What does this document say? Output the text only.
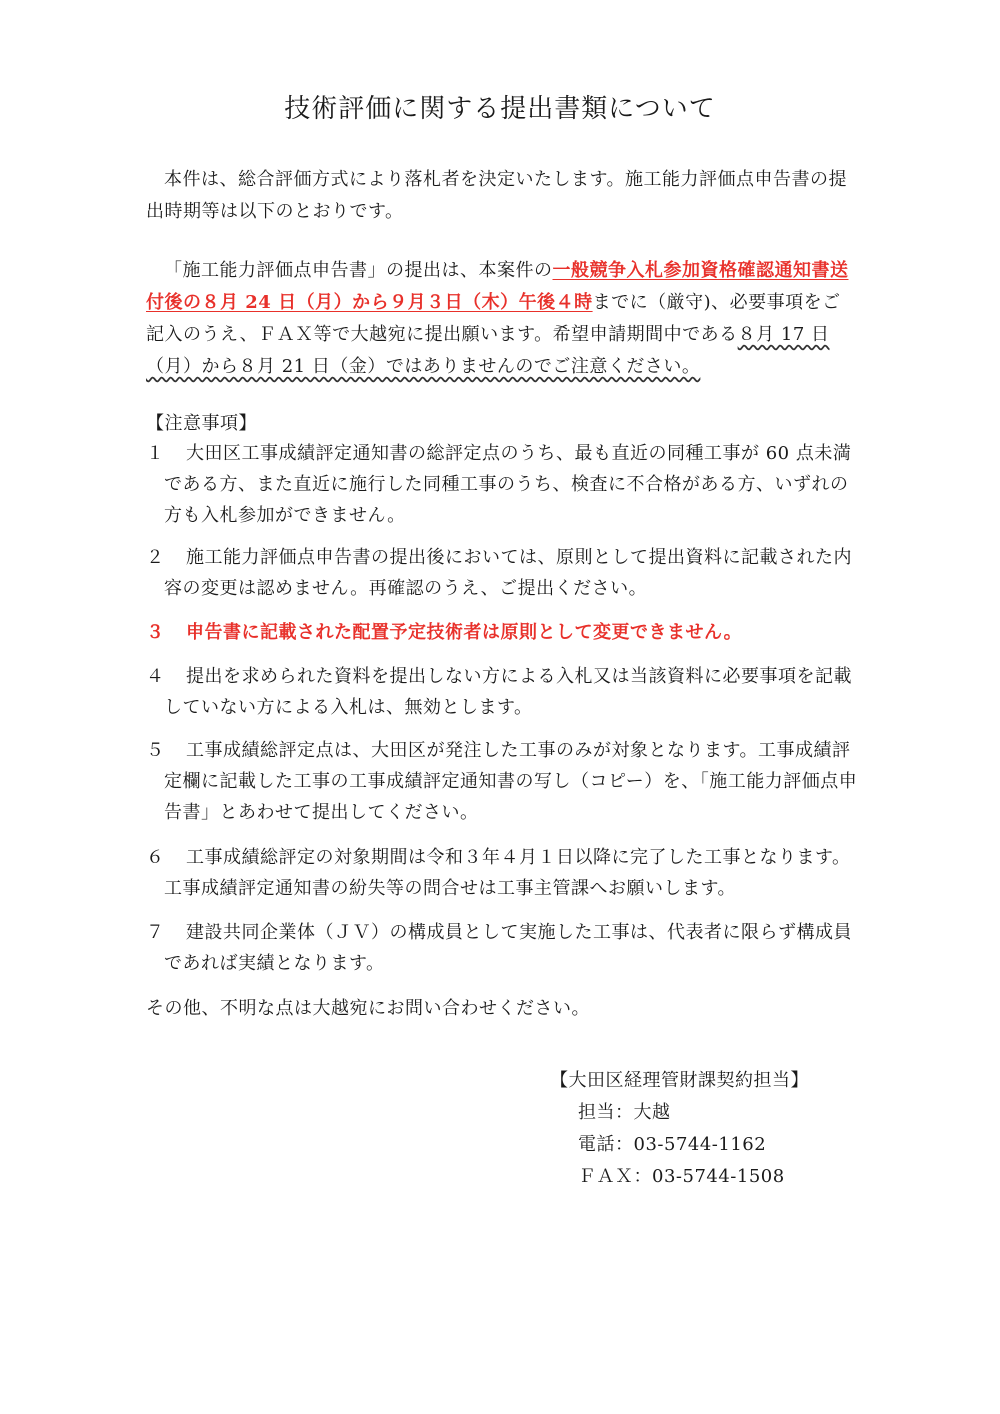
技術評価に関する提出書類について
本件は、総合評価方式により落札者を決定いたします。施工能力評価点申告書の提出時期等は以下のとおりです。
「施工能力評価点申告書」の提出は、本案件の一般競争入札参加資格確認通知書送付後の８月 24 日（月）から９月３日（木）午後４時までに（厳守)、必要事項をご記入のうえ、ＦＡＸ等で大越宛に提出願います。希望申請期間中である８月 17 日（月）から８月 21 日（金）ではありませんのでご注意ください。
【注意事項】
１	大田区工事成績評定通知書の総評定点のうち、最も直近の同種工事が 60 点未満である方、また直近に施行した同種工事のうち、検査に不合格がある方、いずれの方も入札参加ができません。
２	施工能力評価点申告書の提出後においては、原則として提出資料に記載された内容の変更は認めません。再確認のうえ、ご提出ください。
３	申告書に記載された配置予定技術者は原則として変更できません。
４	提出を求められた資料を提出しない方による入札又は当該資料に必要事項を記載していない方による入札は、無効とします。
５	工事成績総評定点は、大田区が発注した工事のみが対象となります。工事成績評定欄に記載した工事の工事成績評定通知書の写し（コピー）を、「施工能力評価点申告書」とあわせて提出してください。
６	工事成績総評定の対象期間は令和３年４月１日以降に完了した工事となります。工事成績評定通知書の紛失等の問合せは工事主管課へお願いします。
７	建設共同企業体（ＪＶ）の構成員として実施した工事は、代表者に限らず構成員であれば実績となります。
その他、不明な点は大越宛にお問い合わせください。
【大田区経理管財課契約担当】
担当：大越
電話：03-5744-1162
ＦＡＸ：03-5744-1508
